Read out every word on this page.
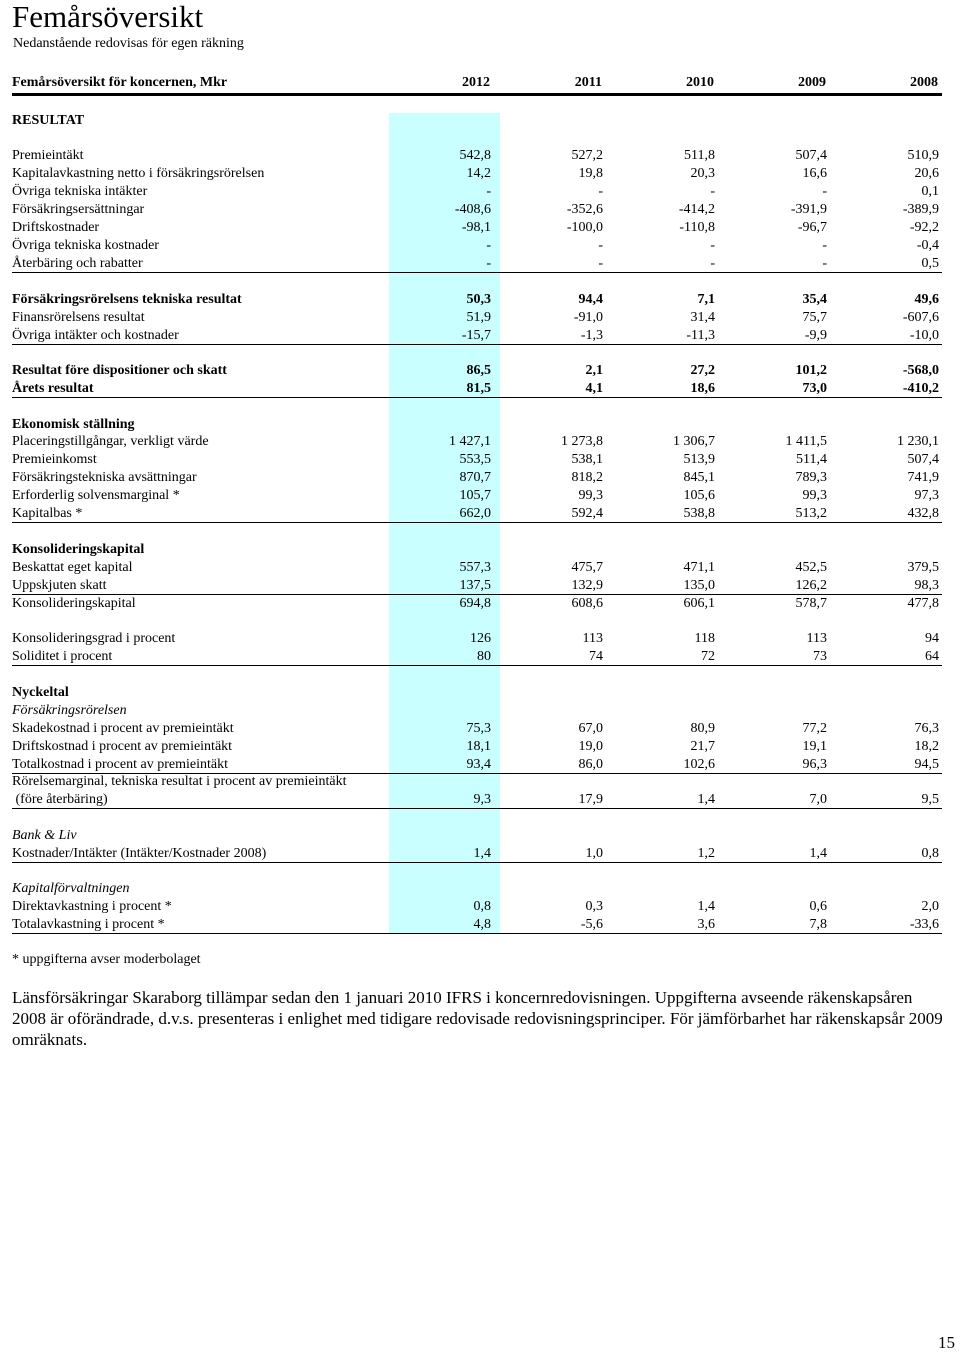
Femårsöversikt
Nedanstående redovisas för egen räkning
Femårsöversikt för koncernen, Mkr	2012	2011	2010	2009	2008
RESULTAT
Premieintäkt	542,8	527,2	511,8	507,4	510,9
Kapitalavkastning netto i försäkringsrörelsen	14,2	19,8	20,3	16,6	20,6
Övriga tekniska intäkter	-	-	-	-	0,1
Försäkringsersättningar	-408,6	-352,6	-414,2	-391,9	-389,9
Driftskostnader	-98,1	-100,0	-110,8	-96,7	-92,2
Övriga tekniska kostnader	-	-	-	-	-0,4
Återbäring och rabatter	-	-	-	-	0,5
Försäkringsrörelsens tekniska resultat	50,3	94,4	7,1	35,4	49,6
Finansrörelsens resultat	51,9	-91,0	31,4	75,7	-607,6
Övriga intäkter och kostnader	-15,7	-1,3	-11,3	-9,9	-10,0
Resultat före dispositioner och skatt	86,5	2,1	27,2	101,2	-568,0
Årets resultat	81,5	4,1	18,6	73,0	-410,2
Ekonomisk ställning
Placeringstillgångar, verkligt värde	1 427,1	1 273,8	1 306,7	1 411,5	1 230,1
Premieinkomst	553,5	538,1	513,9	511,4	507,4
Försäkringstekniska avsättningar	870,7	818,2	845,1	789,3	741,9
Erforderlig solvensmarginal *	105,7	99,3	105,6	99,3	97,3
Kapitalbas *	662,0	592,4	538,8	513,2	432,8
Konsolideringskapital
Beskattat eget kapital	557,3	475,7	471,1	452,5	379,5
Uppskjuten skatt	137,5	132,9	135,0	126,2	98,3
Konsolideringskapital	694,8	608,6	606,1	578,7	477,8
Konsolideringsgrad i procent	126	113	118	113	94
Soliditet i procent	80	74	72	73	64
Nyckeltal
Försäkringsrörelsen
Skadekostnad i procent av premieintäkt	75,3	67,0	80,9	77,2	76,3
Driftskostnad i procent av premieintäkt	18,1	19,0	21,7	19,1	18,2
Totalkostnad i procent av premieintäkt	93,4	86,0	102,6	96,3	94,5
Rörelsemarginal, tekniska resultat i procent av premieintäkt
(före återbäring)	9,3	17,9	1,4	7,0	9,5
Bank & Liv
Kostnader/Intäkter (Intäkter/Kostnader 2008)	1,4	1,0	1,2	1,4	0,8
Kapitalförvaltningen
Direktavkastning i procent *	0,8	0,3	1,4	0,6	2,0
Totalavkastning i procent *	4,8	-5,6	3,6	7,8	-33,6
* uppgifterna avser moderbolaget
Länsförsäkringar Skaraborg tillämpar sedan den 1 januari 2010 IFRS i koncernredovisningen. Uppgifterna avseende räkenskapsåren 2008 är oförändrade, d.v.s. presenteras i enlighet med tidigare redovisade redovisningsprinciper. För jämförbarhet har räkenskapsår 2009 omräknats.
15
